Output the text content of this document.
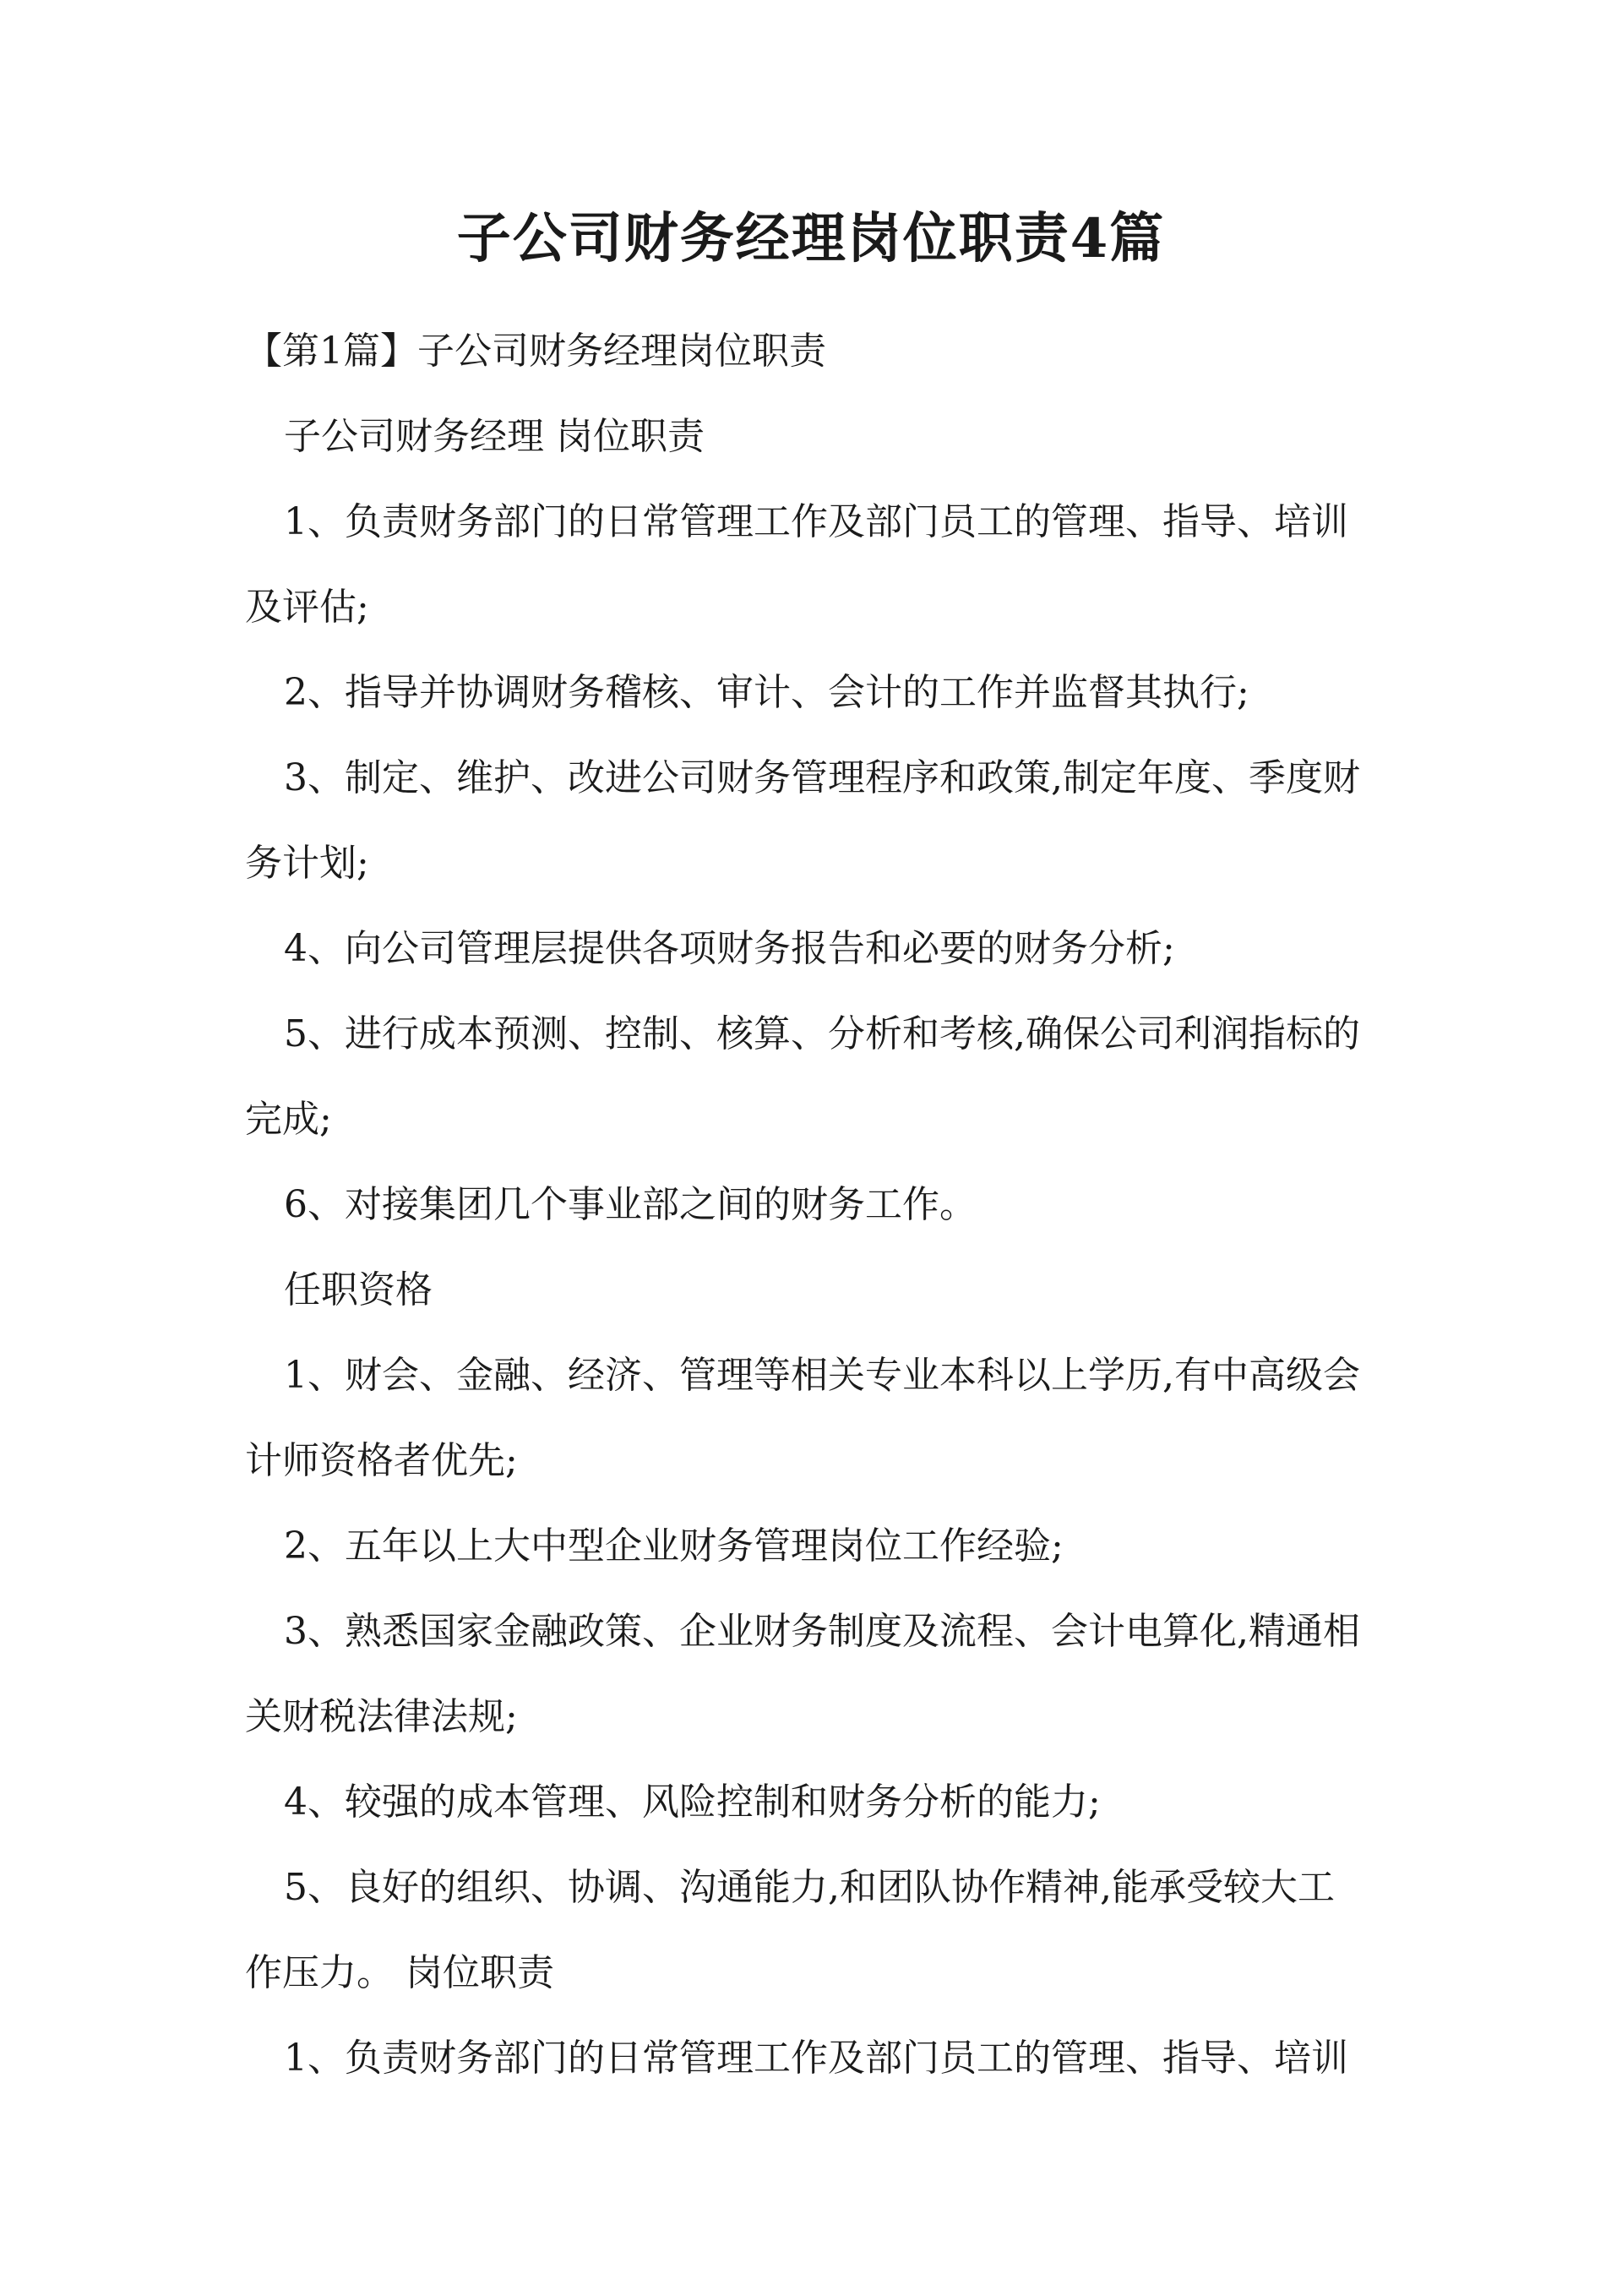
子公司财务经理岗位职责4篇

【第1篇】子公司财务经理岗位职责

子公司财务经理 岗位职责

1、负责财务部门的日常管理工作及部门员工的管理、指导、培训

及评估;

2、指导并协调财务稽核、审计、会计的工作并监督其执行;

3、制定、维护、改进公司财务管理程序和政策,制定年度、季度财

务计划;

4、向公司管理层提供各项财务报告和必要的财务分析;

5、进行成本预测、控制、核算、分析和考核,确保公司利润指标的

完成;

6、对接集团几个事业部之间的财务工作。

任职资格

1、财会、金融、经济、管理等相关专业本科以上学历,有中高级会

计师资格者优先;

2、五年以上大中型企业财务管理岗位工作经验;

3、熟悉国家金融政策、企业财务制度及流程、会计电算化,精通相

关财税法律法规;

4、较强的成本管理、风险控制和财务分析的能力;

5、良好的组织、协调、沟通能力,和团队协作精神,能承受较大工

作压力。 岗位职责

1、负责财务部门的日常管理工作及部门员工的管理、指导、培训
